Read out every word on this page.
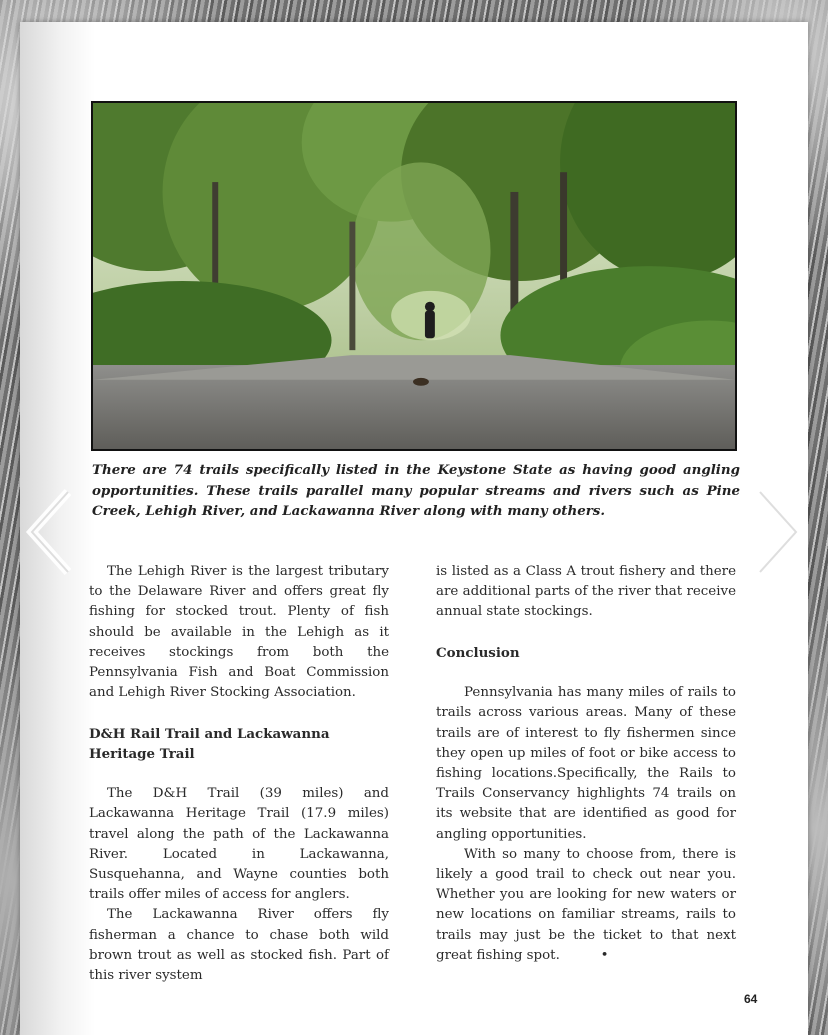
There are 74 trails specifically listed in the Keystone State as having good angling opportunities. These trails parallel many popular streams and rivers such as Pine Creek, Lehigh River, and Lackawanna River along with many others.

The Lehigh River is the largest tributary to the Delaware River and offers great fly fishing for stocked trout. Plenty of fish should be available in the Lehigh as it receives stockings from both the Pennsylvania Fish and Boat Commission and Lehigh River Stocking Association.

D&H Rail Trail and Lackawanna Heritage Trail

The D&H Trail (39 miles) and Lackawanna Heritage Trail (17.9 miles) travel along the path of the Lackawanna River. Located in Lackawanna, Susquehanna, and Wayne counties both trails offer miles of access for anglers.

The Lackawanna River offers fly fisherman a chance to chase both wild brown trout as well as stocked fish. Part of this river system

is listed as a Class A trout fishery and there are additional parts of the river that receive annual state stockings.

Conclusion

Pennsylvania has many miles of rails to trails across various areas. Many of these trails are of interest to fly fishermen since they open up miles of foot or bike access to fishing locations.Specifically, the Rails to Trails Conservancy highlights 74 trails on its website that are identified as good for angling opportunities.

With so many to choose from, there is likely a good trail to check out near you. Whether you are looking for new waters or new locations on familiar streams, rails to trails may just be the ticket to that next great fishing spot.	•

64
